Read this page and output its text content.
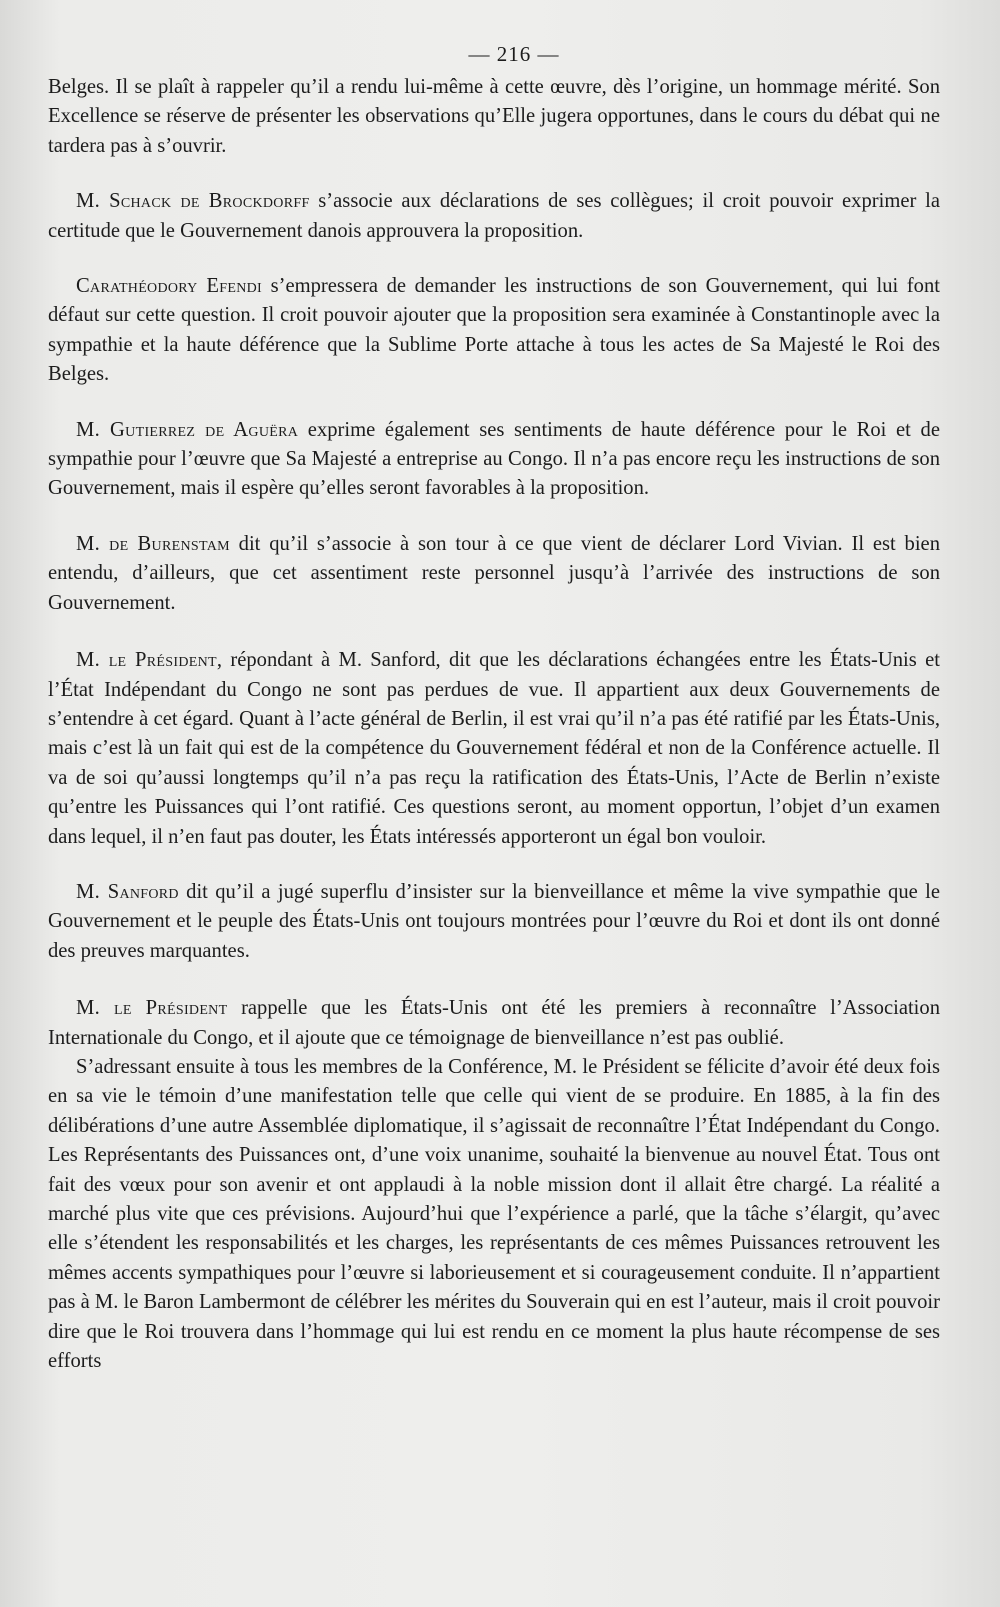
— 216 —

Belges. Il se plaît à rappeler qu’il a rendu lui-même à cette œuvre, dès l’origine, un hommage mérité. Son Excellence se réserve de présenter les observations qu’Elle jugera opportunes, dans le cours du débat qui ne tardera pas à s’ouvrir.

M. Schack de Brockdorff s’associe aux déclarations de ses collègues; il croit pouvoir exprimer la certitude que le Gouvernement danois approuvera la proposition.

Carathéodory Efendi s’empressera de demander les instructions de son Gouvernement, qui lui font défaut sur cette question. Il croit pouvoir ajouter que la proposition sera examinée à Constantinople avec la sympathie et la haute déférence que la Sublime Porte attache à tous les actes de Sa Majesté le Roi des Belges.

M. Gutierrez de Aguëra exprime également ses sentiments de haute déférence pour le Roi et de sympathie pour l’œuvre que Sa Majesté a entreprise au Congo. Il n’a pas encore reçu les instructions de son Gouvernement, mais il espère qu’elles seront favorables à la proposition.

M. de Burenstam dit qu’il s’associe à son tour à ce que vient de déclarer Lord Vivian. Il est bien entendu, d’ailleurs, que cet assentiment reste personnel jusqu’à l’arrivée des instructions de son Gouvernement.

M. le Président, répondant à M. Sanford, dit que les déclarations échangées entre les États-Unis et l’État Indépendant du Congo ne sont pas perdues de vue. Il appartient aux deux Gouvernements de s’entendre à cet égard. Quant à l’acte général de Berlin, il est vrai qu’il n’a pas été ratifié par les États-Unis, mais c’est là un fait qui est de la compétence du Gouvernement fédéral et non de la Conférence actuelle. Il va de soi qu’aussi longtemps qu’il n’a pas reçu la ratification des États-Unis, l’Acte de Berlin n’existe qu’entre les Puissances qui l’ont ratifié. Ces questions seront, au moment opportun, l’objet d’un examen dans lequel, il n’en faut pas douter, les États intéressés apporteront un égal bon vouloir.

M. Sanford dit qu’il a jugé superflu d’insister sur la bienveillance et même la vive sympathie que le Gouvernement et le peuple des États-Unis ont toujours montrées pour l’œuvre du Roi et dont ils ont donné des preuves marquantes.

M. le Président rappelle que les États-Unis ont été les premiers à reconnaître l’Association Internationale du Congo, et il ajoute que ce témoignage de bienveillance n’est pas oublié.

S’adressant ensuite à tous les membres de la Conférence, M. le Président se félicite d’avoir été deux fois en sa vie le témoin d’une manifestation telle que celle qui vient de se produire. En 1885, à la fin des délibérations d’une autre Assemblée diplomatique, il s’agissait de reconnaître l’État Indépendant du Congo. Les Représentants des Puissances ont, d’une voix unanime, souhaité la bienvenue au nouvel État. Tous ont fait des vœux pour son avenir et ont applaudi à la noble mission dont il allait être chargé. La réalité a marché plus vite que ces prévisions. Aujourd’hui que l’expérience a parlé, que la tâche s’élargit, qu’avec elle s’étendent les responsabilités et les charges, les représentants de ces mêmes Puissances retrouvent les mêmes accents sympathiques pour l’œuvre si laborieusement et si courageusement conduite. Il n’appartient pas à M. le Baron Lambermont de célébrer les mérites du Souverain qui en est l’auteur, mais il croit pouvoir dire que le Roi trouvera dans l’hommage qui lui est rendu en ce moment la plus haute récompense de ses efforts
